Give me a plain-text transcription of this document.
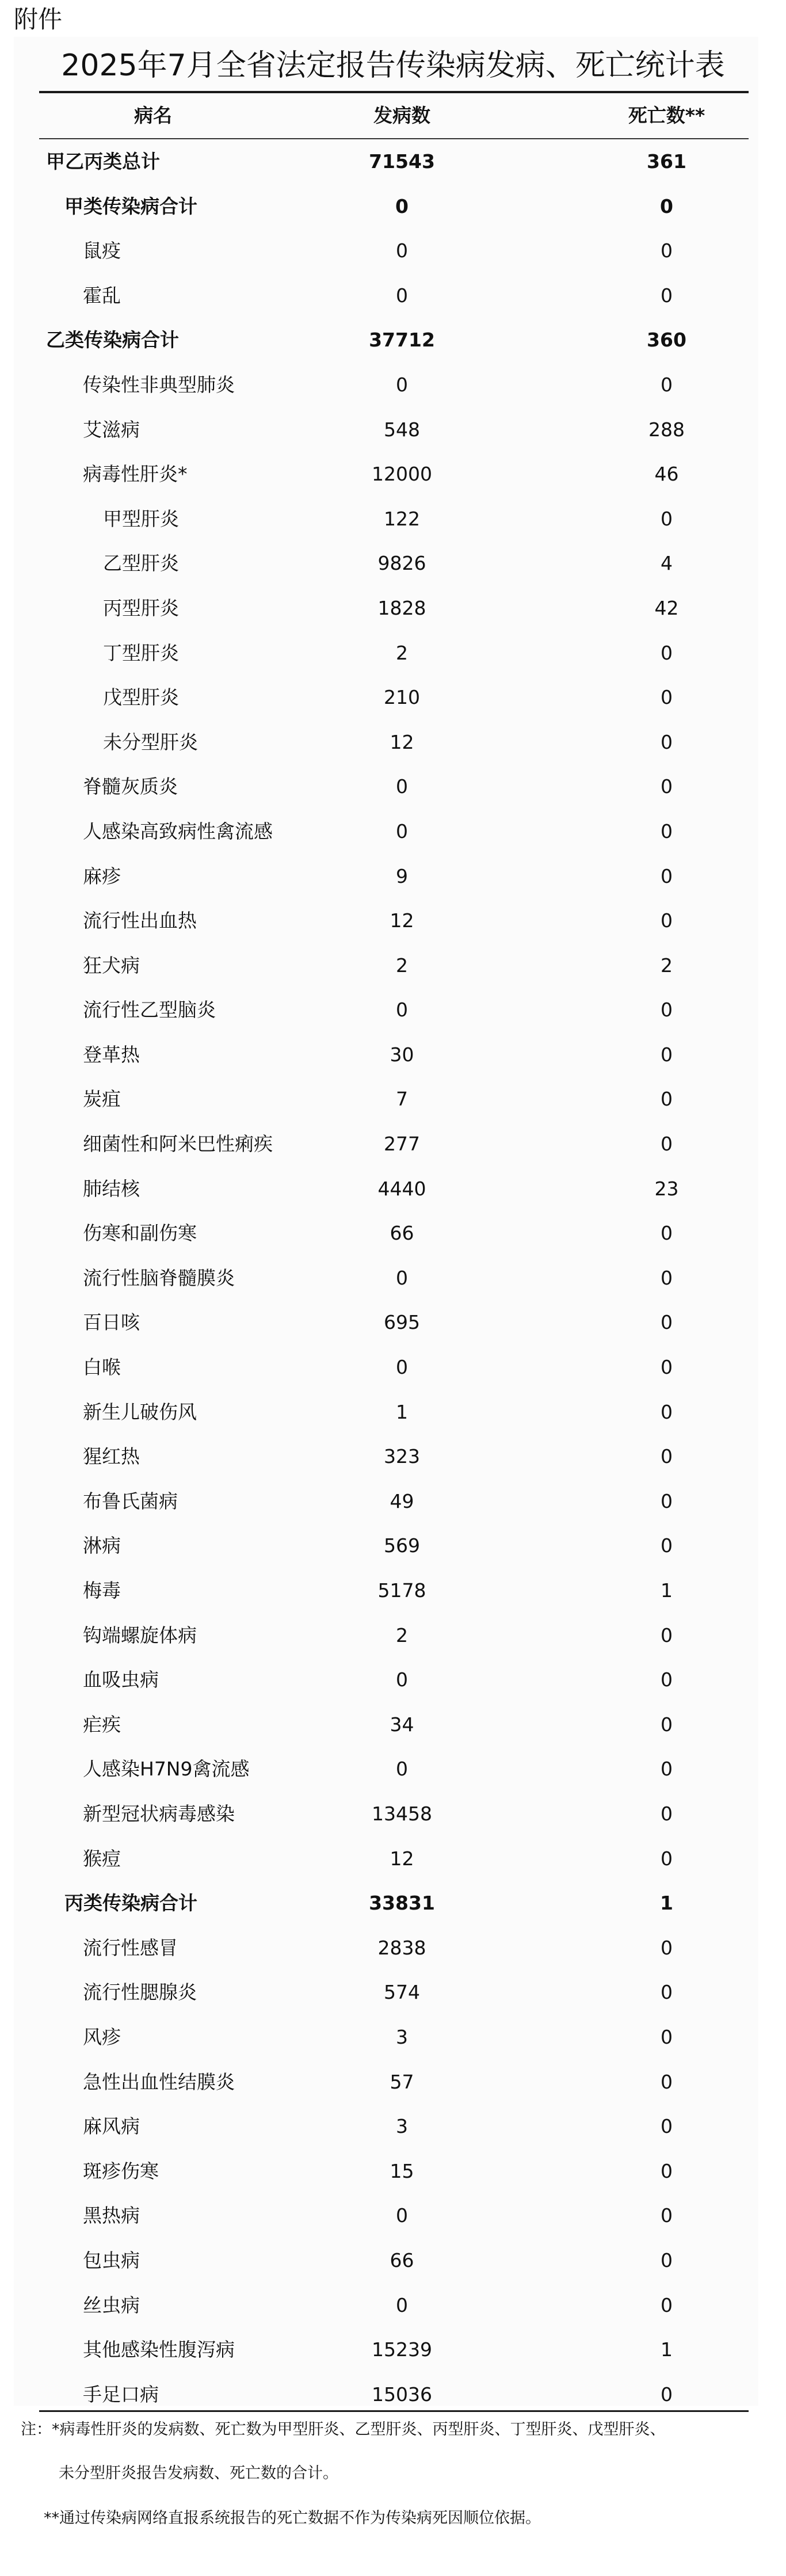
附件
2025年7月全省法定报告传染病发病、死亡统计表
病名	发病数	死亡数**
甲乙丙类总计	71543	361
甲类传染病合计	0	0
鼠疫	0	0
霍乱	0	0
乙类传染病合计	37712	360
传染性非典型肺炎	0	0
艾滋病	548	288
病毒性肝炎*	12000	46
甲型肝炎	122	0
乙型肝炎	9826	4
丙型肝炎	1828	42
丁型肝炎	2	0
戊型肝炎	210	0
未分型肝炎	12	0
脊髓灰质炎	0	0
人感染高致病性禽流感	0	0
麻疹	9	0
流行性出血热	12	0
狂犬病	2	2
流行性乙型脑炎	0	0
登革热	30	0
炭疽	7	0
细菌性和阿米巴性痢疾	277	0
肺结核	4440	23
伤寒和副伤寒	66	0
流行性脑脊髓膜炎	0	0
百日咳	695	0
白喉	0	0
新生儿破伤风	1	0
猩红热	323	0
布鲁氏菌病	49	0
淋病	569	0
梅毒	5178	1
钩端螺旋体病	2	0
血吸虫病	0	0
疟疾	34	0
人感染H7N9禽流感	0	0
新型冠状病毒感染	13458	0
猴痘	12	0
丙类传染病合计	33831	1
流行性感冒	2838	0
流行性腮腺炎	574	0
风疹	3	0
急性出血性结膜炎	57	0
麻风病	3	0
斑疹伤寒	15	0
黑热病	0	0
包虫病	66	0
丝虫病	0	0
其他感染性腹泻病	15239	1
手足口病	15036	0
注：*病毒性肝炎的发病数、死亡数为甲型肝炎、乙型肝炎、丙型肝炎、丁型肝炎、戊型肝炎、
未分型肝炎报告发病数、死亡数的合计。
**通过传染病网络直报系统报告的死亡数据不作为传染病死因顺位依据。
